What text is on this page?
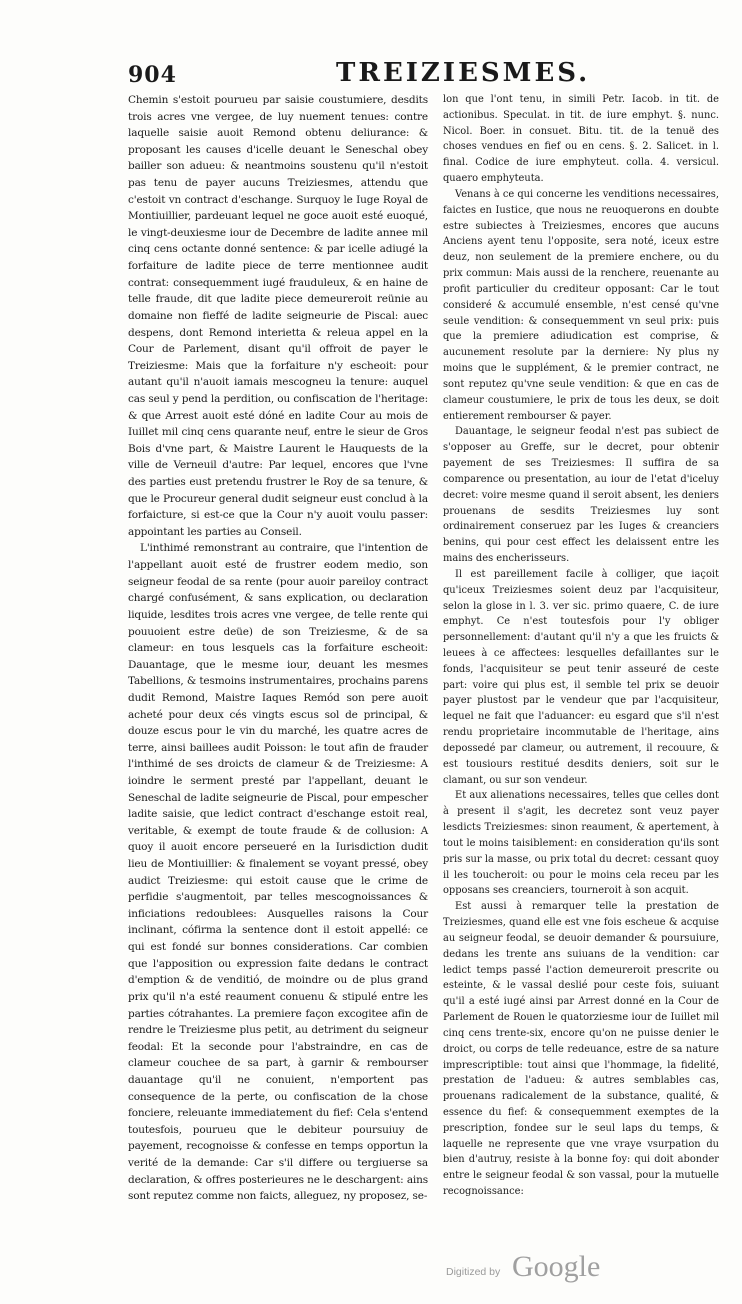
904	TREIZIESMES.

Chemin s'estoit pourueu par saisie coustumiere, desdits trois acres vne vergee, de luy nuement tenues: contre laquelle saisie auoit Remond obtenu deliurance: & proposant les causes d'icelle deuant le Seneschal obey bailler son adueu: & neantmoins soustenu qu'il n'estoit pas tenu de payer aucuns Treiziesmes, attendu que c'estoit vn contract d'eschange. Surquoy le Iuge Royal de Montiuillier, pardeuant lequel ne goce auoit esté euoqué, le vingt-deuxiesme iour de Decembre de ladite annee mil cinq cens octante donné sentence: & par icelle adiugé la forfaiture de ladite piece de terre mentionnee audit contrat: consequemment iugé frauduleux, & en haine de telle fraude, dit que ladite piece demeureroit reünie au domaine non fieffé de ladite seigneurie de Piscal: auec despens, dont Remond interietta & releua appel en la Cour de Parlement, disant qu'il offroit de payer le Treiziesme: Mais que la forfaiture n'y escheoit: pour autant qu'il n'auoit iamais mescogneu la tenure: auquel cas seul y pend la perdition, ou confiscation de l'heritage: & que Arrest auoit esté dóné en ladite Cour au mois de Iuillet mil cinq cens quarante neuf, entre le sieur de Gros Bois d'vne part, & Maistre Laurent le Hauquests de la ville de Verneuil d'autre: Par lequel, encores que l'vne des parties eust pretendu frustrer le Roy de sa tenure, & que le Procureur general dudit seigneur eust conclud à la forfaicture, si est-ce que la Cour n'y auoit voulu passer: appointant les parties au Conseil.

L'inthimé remonstrant au contraire, que l'intention de l'appellant auoit esté de frustrer eodem medio, son seigneur feodal de sa rente (pour auoir pareiloy contract chargé confusément, & sans explication, ou declaration liquide, lesdites trois acres vne vergee, de telle rente qui pouuoient estre deüe) de son Treiziesme, & de sa clameur: en tous lesquels cas la forfaiture escheoit: Dauantage, que le mesme iour, deuant les mesmes Tabellions, & tesmoins instrumentaires, prochains parens dudit Remond, Maistre Iaques Remód son pere auoit acheté pour deux cés vingts escus sol de principal, & douze escus pour le vin du marché, les quatre acres de terre, ainsi baillees audit Poisson: le tout afin de frauder l'inthimé de ses droicts de clameur & de Treiziesme: A ioindre le serment presté par l'appellant, deuant le Seneschal de ladite seigneurie de Piscal, pour empescher ladite saisie, que ledict contract d'eschange estoit real, veritable, & exempt de toute fraude & de collusion: A quoy il auoit encore perseueré en la Iurisdiction dudit lieu de Montiuillier: & finalement se voyant pressé, obey audict Treiziesme: qui estoit cause que le crime de perfidie s'augmentoit, par telles mescognoissances & inficiations redoublees: Ausquelles raisons la Cour inclinant, cófirma la sentence dont il estoit appellé: ce qui est fondé sur bonnes considerations. Car combien que l'apposition ou expression faite dedans le contract d'emption & de venditió, de moindre ou de plus grand prix qu'il n'a esté reaument conuenu & stipulé entre les parties cótrahantes. La premiere façon excogitee afin de rendre le Treiziesme plus petit, au detriment du seigneur feodal: Et la seconde pour l'abstraindre, en cas de clameur couchee de sa part, à garnir & rembourser dauantage qu'il ne conuient, n'emportent pas consequence de la perte, ou confiscation de la chose fonciere, releuante immediatement du fief: Cela s'entend toutesfois, pourueu que le debiteur poursuiuy de payement, recognoisse & confesse en temps opportun la verité de la demande: Car s'il differe ou tergiuerse sa declaration, & offres posterieures ne le deschargent: ains sont reputez comme non faicts, alleguez, ny proposez, se-

lon que l'ont tenu, in simili Petr. Iacob. in tit. de actionibus. Speculat. in tit. de iure emphyt. §. nunc. Nicol. Boer. in consuet. Bitu. tit. de la tenuë des choses vendues en fief ou en cens. §. 2. Salicet. in l. final. Codice de iure emphyteut. colla. 4. versicul. quaero emphyteuta.

Venans à ce qui concerne les venditions necessaires, faictes en Iustice, que nous ne reuoquerons en doubte estre subiectes à Treiziesmes, encores que aucuns Anciens ayent tenu l'opposite, sera noté, iceux estre deuz, non seulement de la premiere enchere, ou du prix commun: Mais aussi de la renchere, reuenante au profit particulier du crediteur opposant: Car le tout consideré & accumulé ensemble, n'est censé qu'vne seule vendition: & consequemment vn seul prix: puis que la premiere adiudication est comprise, & aucunement resolute par la derniere: Ny plus ny moins que le supplément, & le premier contract, ne sont reputez qu'vne seule vendition: & que en cas de clameur coustumiere, le prix de tous les deux, se doit entierement rembourser & payer.

Dauantage, le seigneur feodal n'est pas subiect de s'opposer au Greffe, sur le decret, pour obtenir payement de ses Treiziesmes: Il suffira de sa comparence ou presentation, au iour de l'etat d'iceluy decret: voire mesme quand il seroit absent, les deniers prouenans de sesdits Treiziesmes luy sont ordinairement conseruez par les Iuges & creanciers benins, qui pour cest effect les delaissent entre les mains des encherisseurs.

Il est pareillement facile à colliger, que iaçoit qu'iceux Treiziesmes soient deuz par l'acquisiteur, selon la glose in l. 3. ver sic. primo quaere, C. de iure emphyt. Ce n'est toutesfois pour l'y obliger personnellement: d'autant qu'il n'y a que les fruicts & leuees à ce affectees: lesquelles defaillantes sur le fonds, l'acquisiteur se peut tenir asseuré de ceste part: voire qui plus est, il semble tel prix se deuoir payer plustost par le vendeur que par l'acquisiteur, lequel ne fait que l'aduancer: eu esgard que s'il n'est rendu proprietaire incommutable de l'heritage, ains depossedé par clameur, ou autrement, il recouure, & est tousiours restitué desdits deniers, soit sur le clamant, ou sur son vendeur.

Et aux alienations necessaires, telles que celles dont à present il s'agit, les decretez sont veuz payer lesdicts Treiziesmes: sinon reaument, & apertement, à tout le moins taisiblement: en consideration qu'ils sont pris sur la masse, ou prix total du decret: cessant quoy il les toucheroit: ou pour le moins cela receu par les opposans ses creanciers, tourneroit à son acquit.

Est aussi à remarquer telle la prestation de Treiziesmes, quand elle est vne fois escheue & acquise au seigneur feodal, se deuoir demander & poursuiure, dedans les trente ans suiuans de la vendition: car ledict temps passé l'action demeureroit prescrite ou esteinte, & le vassal deslié pour ceste fois, suiuant qu'il a esté iugé ainsi par Arrest donné en la Cour de Parlement de Rouen le quatorziesme iour de Iuillet mil cinq cens trente-six, encore qu'on ne puisse denier le droict, ou corps de telle redeuance, estre de sa nature imprescriptible: tout ainsi que l'hommage, la fidelité, prestation de l'adueu: & autres semblables cas, prouenans radicalement de la substance, qualité, & essence du fief: & consequemment exemptes de la prescription, fondee sur le seul laps du temps, & laquelle ne represente que vne vraye vsurpation du bien d'autruy, resiste à la bonne foy: qui doit abonder entre le seigneur feodal & son vassal, pour la mutuelle recognoissance:

Digitized by Google
